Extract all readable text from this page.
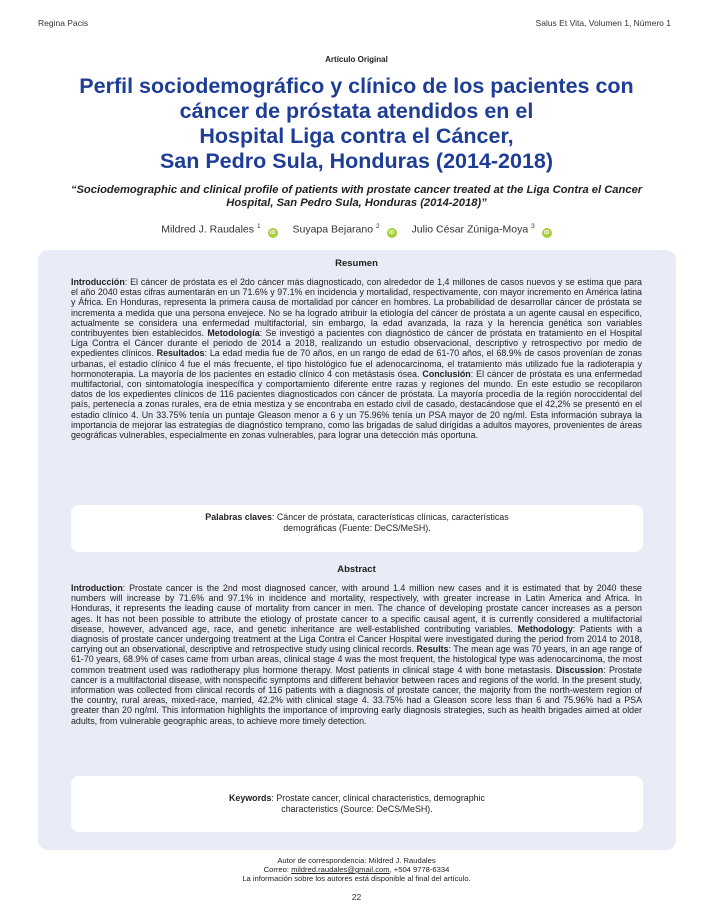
Regina Pacis	Salus Et Vita, Volumen 1, Número 1
Artículo Original
Perfil sociodemográfico y clínico de los pacientes con
cáncer de próstata atendidos en el
Hospital Liga contra el Cáncer,
San Pedro Sula, Honduras (2014-2018)
“Sociodemographic and clinical profile of patients with prostate cancer treated at the Liga Contra el Cancer Hospital, San Pedro Sula, Honduras (2014-2018)”
Mildred J. Raudales $^1$iD Suyapa Bejarano $^2$iD Julio César Zúniga-Moya $^3$iD
Resumen

Introducción: El cáncer de próstata es el 2do cáncer más diagnosticado, con alrededor de 1,4 millones de casos nuevos y se estima que para el año 2040 estas cifras aumentarán en un 71.6% y 97.1% en incidencia y mortalidad, respectivamente, con mayor incremento en América latina y África. En Honduras, representa la primera causa de mortalidad por cáncer en hombres. La probabilidad de desarrollar cáncer de próstata se incrementa a medida que una persona envejece. No se ha logrado atribuir la etiología del cáncer de próstata a un agente causal en especifico, actualmente se considera una enfermedad multifactorial, sin embargo, la edad avanzada, la raza y la herencia genética son variables contribuyentes bien establecidos. Metodología: Se investigó a pacientes con diagnóstico de cáncer de próstata en tratamiento en el Hospital Liga Contra el Cáncer durante el periodo de 2014 a 2018, realizando un estudio observacional, descriptivo y retrospectivo por medio de expedientes clínicos. Resultados: La edad media fue de 70 años, en un rango de edad de 61-70 años, el 68.9% de casos provenían de zonas urbanas, el estadio clínico 4 fue el más frecuente, el tipo histológico fue el adenocarcinoma, el tratamiento más utilizado fue la radioterapia y hormonoterapia. La mayoría de los pacientes en estadio clínico 4 con metástasis ósea. Conclusión: El cáncer de próstata es una enfermedad multifactorial, con sintomatología inespecífica y comportamiento diferente entre razas y regiones del mundo. En este estudio se recopilaron datos de los expedientes clínicos de 116 pacientes diagnosticados con cáncer de próstata. La mayoría procedía de la región noroccidental del país, pertenecía a zonas rurales, era de etnia mestiza y se encontraba en estado civil de casado, destacándose que el 42,2% se presentó en el estadio clínico 4. Un 33.75% tenía un puntaje Gleason menor a 6 y un 75.96% tenía un PSA mayor de 20 ng/ml. Esta información subraya la importancia de mejorar las estrategias de diagnóstico temprano, como las brigadas de salud dirigidas a adultos mayores, provenientes de áreas geográficas vulnerables, especialmente en zonas vulnerables, para lograr una detección más oportuna.

Palabras claves: Cáncer de próstata, características clínicas, características
demográficas (Fuente: DeCS/MeSH).
Abstract

Introduction: Prostate cancer is the 2nd most diagnosed cancer, with around 1.4 million new cases and it is estimated that by 2040 these numbers will increase by 71.6% and 97.1% in incidence and mortality, respectively, with greater increase in Latin America and Africa. In Honduras, it represents the leading cause of mortality from cancer in men. The chance of developing prostate cancer increases as a person ages. It has not been possible to attribute the etiology of prostate cancer to a specific causal agent, it is currently considered a multifactorial disease, however, advanced age, race, and genetic inheritance are well-established contributing variables. Methodology: Patients with a diagnosis of prostate cancer undergoing treatment at the Liga Contra el Cancer Hospital were investigated during the period from 2014 to 2018, carrying out an observational, descriptive and retrospective study using clinical records. Results: The mean age was 70 years, in an age range of 61-70 years, 68.9% of cases came from urban areas, clinical stage 4 was the most frequent, the histological type was adenocarcinoma, the most common treatment used was radiotherapy plus hormone therapy. Most patients in clinical stage 4 with bone metastasis. Discussion: Prostate cancer is a multifactorial disease, with nonspecific symptoms and different behavior between races and regions of the world. In the present study, information was collected from clinical records of 116 patients with a diagnosis of prostate cancer, the majority from the north-western region of the country, rural areas, mixed-race, married, 42.2% with clinical stage 4. 33.75% had a Gleason score less than 6 and 75.96% had a PSA greater than 20 ng/ml. This information highlights the importance of improving early diagnosis strategies, such as health brigades aimed at older adults, from vulnerable geographic areas, to achieve more timely detection.

Keywords: Prostate cancer, clinical characteristics, demographic
characteristics (Source: DeCS/MeSH).
Autor de correspondencia: Mildred J. Raudales
Correo: mildred.raudales@gmail.com, +504 9778-6334
La información sobre los autores está disponible al final del artículo.
22
